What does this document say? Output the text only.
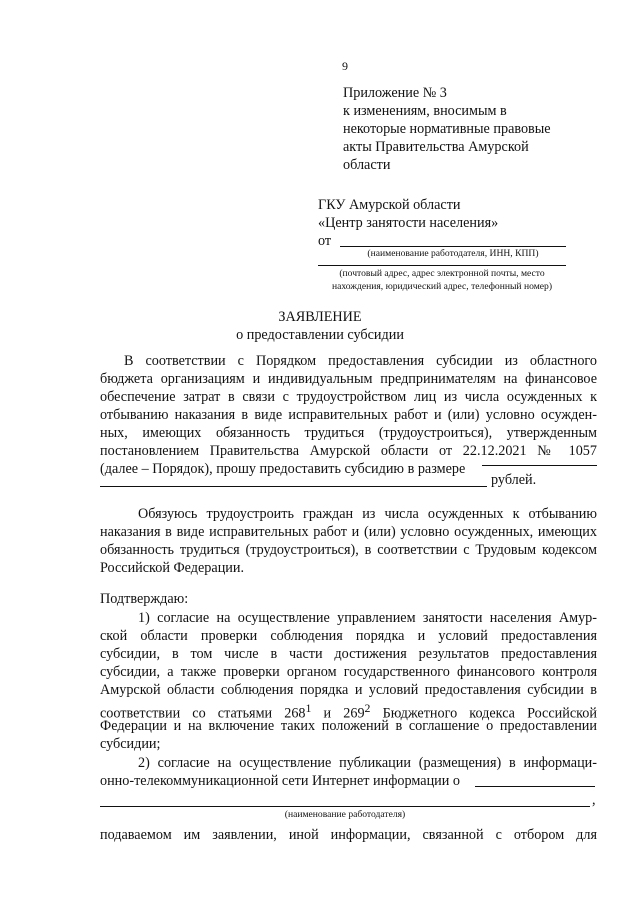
9
Приложение № 3
к изменениям, вносимым в
некоторые нормативные правовые
акты Правительства Амурской
области
ГКУ Амурской области
«Центр занятости населения»
от
(наименование работодателя, ИНН, КПП)
(почтовый адрес, адрес электронной почты, место
нахождения, юридический адрес, телефонный номер)
ЗАЯВЛЕНИЕ
о предоставлении субсидии
В соответствии с Порядком предоставления субсидии из областного
бюджета организациям и индивидуальным предпринимателям на финансовое
обеспечение затрат в связи с трудоустройством лиц из числа осужденных к
отбыванию наказания в виде исправительных работ и (или) условно осужден-
ных, имеющих обязанность трудиться (трудоустроиться), утвержденным
постановлением Правительства Амурской области от 22.12.2021 № 1057
(далее – Порядок), прошу предоставить субсидию в размере
рублей.
Обязуюсь трудоустроить граждан из числа осужденных к отбыванию
наказания в виде исправительных работ и (или) условно осужденных, имеющих
обязанность трудиться (трудоустроиться), в соответствии с Трудовым кодексом
Российской Федерации.
Подтверждаю:
1) согласие на осуществление управлением занятости населения Амур-
ской области проверки соблюдения порядка и условий предоставления
субсидии, в том числе в части достижения результатов предоставления
субсидии, а также проверки органом государственного финансового контроля
Амурской области соблюдения порядка и условий предоставления субсидии в
соответствии со статьями $268^1$ и $269^2$ Бюджетного кодекса Российской
Федерации и на включение таких положений в соглашение о предоставлении
субсидии;
2) согласие на осуществление публикации (размещения) в информаци-
онно-телекоммуникационной сети Интернет информации о
,
(наименование работодателя)
подаваемом им заявлении, иной информации, связанной с отбором для
